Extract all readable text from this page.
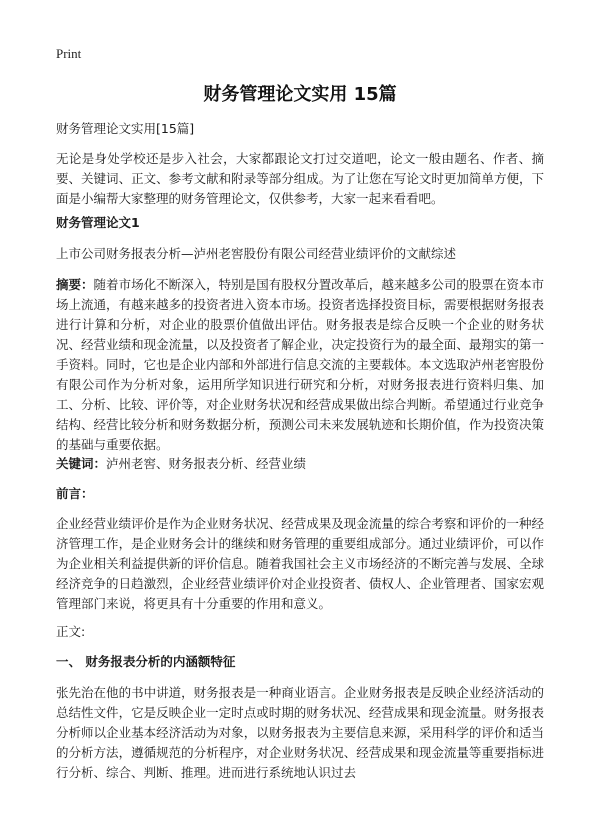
Print
财务管理论文实用 15篇
财务管理论文实用[15篇]
无论是身处学校还是步入社会，大家都跟论文打过交道吧，论文一般由题名、作者、摘要、关键词、正文、参考文献和附录等部分组成。为了让您在写论文时更加简单方便，下面是小编帮大家整理的财务管理论文，仅供参考，大家一起来看看吧。
财务管理论文1
上市公司财务报表分析—泸州老窖股份有限公司经营业绩评价的文献综述
摘要：随着市场化不断深入，特别是国有股权分置改革后，越来越多公司的股票在资本市场上流通，有越来越多的投资者进入资本市场。投资者选择投资目标，需要根据财务报表进行计算和分析，对企业的股票价值做出评估。财务报表是综合反映一个企业的财务状况、经营业绩和现金流量，以及投资者了解企业，决定投资行为的最全面、最翔实的第一手资料。同时，它也是企业内部和外部进行信息交流的主要载体。本文选取泸州老窖股份有限公司作为分析对象，运用所学知识进行研究和分析，对财务报表进行资料归集、加工、分析、比较、评价等，对企业财务状况和经营成果做出综合判断。希望通过行业竞争结构、经营比较分析和财务数据分析，预测公司未来发展轨迹和长期价值，作为投资决策的基础与重要依据。
关键词：泸州老窖、财务报表分析、经营业绩
前言：
企业经营业绩评价是作为企业财务状况、经营成果及现金流量的综合考察和评价的一种经济管理工作，是企业财务会计的继续和财务管理的重要组成部分。通过业绩评价，可以作为企业相关利益提供新的评价信息。随着我国社会主义市场经济的不断完善与发展、全球经济竞争的日趋激烈，企业经营业绩评价对企业投资者、债权人、企业管理者、国家宏观管理部门来说，将更具有十分重要的作用和意义。
正文:
一、 财务报表分析的内涵额特征
张先治在他的书中讲道，财务报表是一种商业语言。企业财务报表是反映企业经济活动的总结性文件，它是反映企业一定时点或时期的财务状况、经营成果和现金流量。财务报表分析师以企业基本经济活动为对象，以财务报表为主要信息来源，采用科学的评价和适当的分析方法，遵循规范的分析程序，对企业财务状况、经营成果和现金流量等重要指标进行分析、综合、判断、推理。进而进行系统地认识过去
